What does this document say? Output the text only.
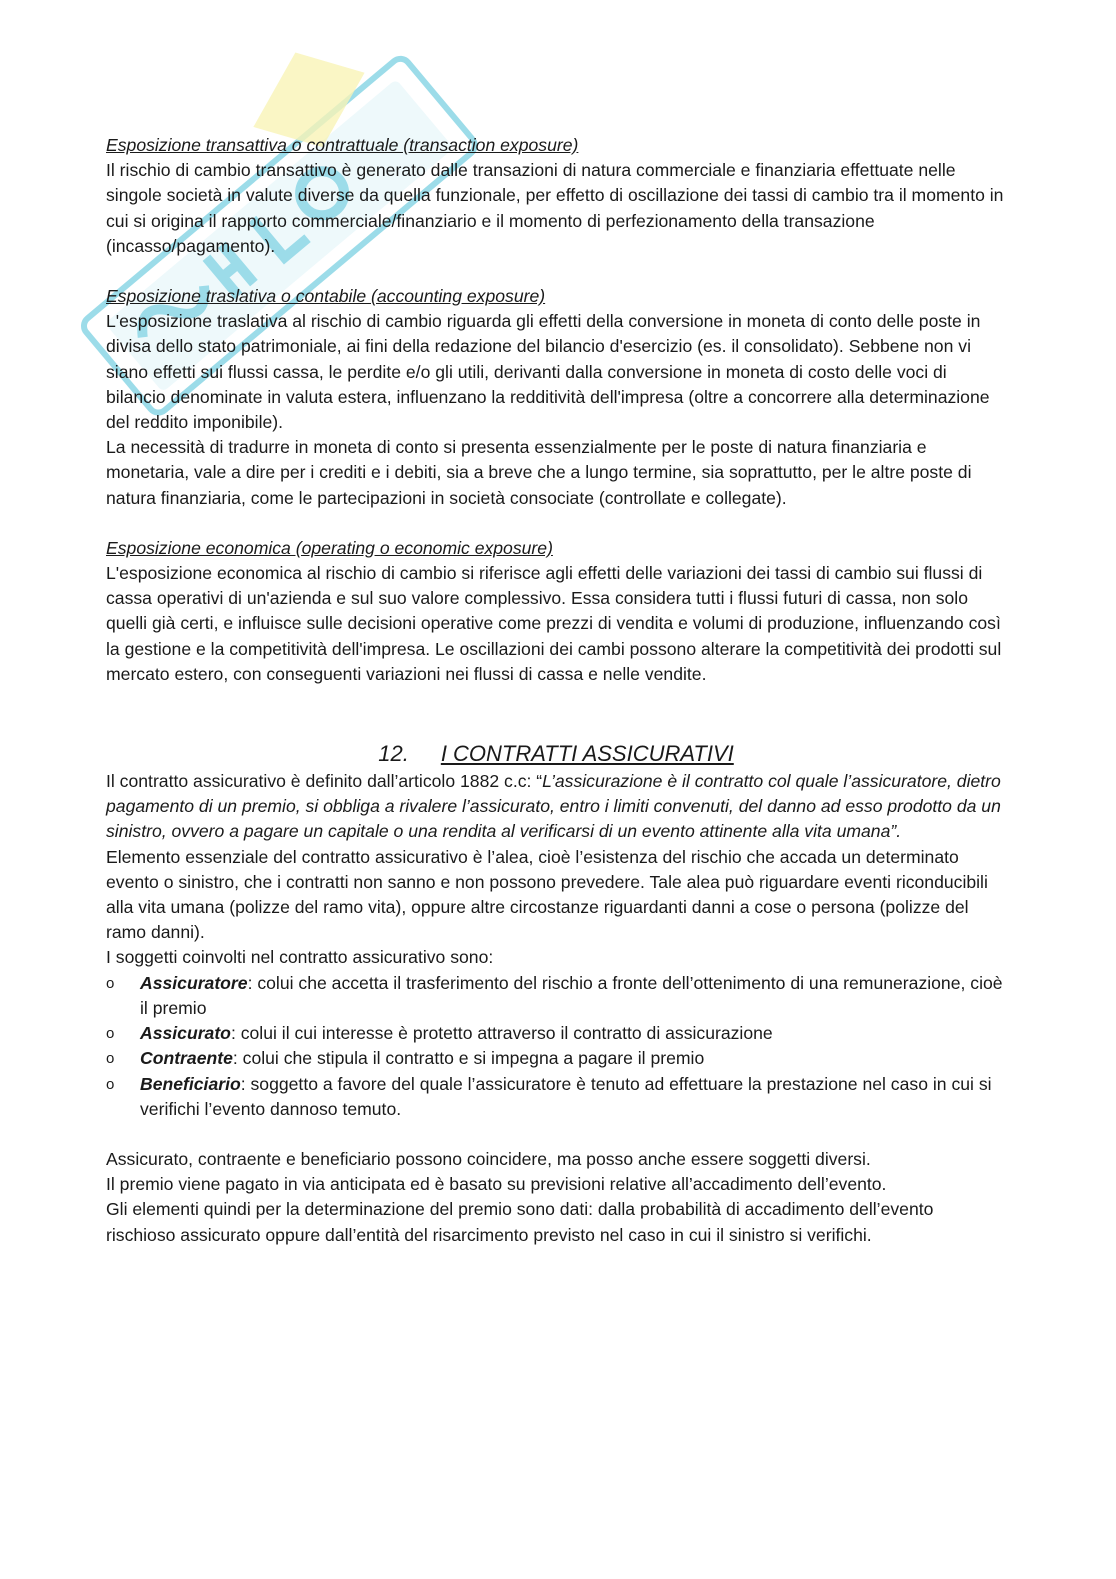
Esposizione transattiva o contrattuale (transaction exposure)

Il rischio di cambio transattivo è generato dalle transazioni di natura commerciale e finanziaria effettuate nelle singole società in valute diverse da quella funzionale, per effetto di oscillazione dei tassi di cambio tra il momento in cui si origina il rapporto commerciale/finanziario e il momento di perfezionamento della transazione (incasso/pagamento).

Esposizione traslativa o contabile (accounting exposure)

L'esposizione traslativa al rischio di cambio riguarda gli effetti della conversione in moneta di conto delle poste in divisa dello stato patrimoniale, ai fini della redazione del bilancio d'esercizio (es. il consolidato). Sebbene non vi siano effetti sui flussi cassa, le perdite e/o gli utili, derivanti dalla conversione in moneta di costo delle voci di bilancio denominate in valuta estera, influenzano la redditività dell'impresa (oltre a concorrere alla determinazione del reddito imponibile).

La necessità di tradurre in moneta di conto si presenta essenzialmente per le poste di natura finanziaria e monetaria, vale a dire per i crediti e i debiti, sia a breve che a lungo termine, sia soprattutto, per le altre poste di natura finanziaria, come le partecipazioni in società consociate (controllate e collegate).

Esposizione economica (operating o economic exposure)

L'esposizione economica al rischio di cambio si riferisce agli effetti delle variazioni dei tassi di cambio sui flussi di cassa operativi di un'azienda e sul suo valore complessivo. Essa considera tutti i flussi futuri di cassa, non solo quelli già certi, e influisce sulle decisioni operative come prezzi di vendita e volumi di produzione, influenzando così la gestione e la competitività dell'impresa. Le oscillazioni dei cambi possono alterare la competitività dei prodotti sul mercato estero, con conseguenti variazioni nei flussi di cassa e nelle vendite.

12. I CONTRATTI ASSICURATIVI

Il contratto assicurativo è definito dall’articolo 1882 c.c: “L’assicurazione è il contratto col quale l’assicuratore, dietro pagamento di un premio, si obbliga a rivalere l’assicurato, entro i limiti convenuti, del danno ad esso prodotto da un sinistro, ovvero a pagare un capitale o una rendita al verificarsi di un evento attinente alla vita umana”.

Elemento essenziale del contratto assicurativo è l’alea, cioè l’esistenza del rischio che accada un determinato evento o sinistro, che i contratti non sanno e non possono prevedere. Tale alea può riguardare eventi riconducibili alla vita umana (polizze del ramo vita), oppure altre circostanze riguardanti danni a cose o persona (polizze del ramo danni).

I soggetti coinvolti nel contratto assicurativo sono:

o Assicuratore: colui che accetta il trasferimento del rischio a fronte dell’ottenimento di una remunerazione, cioè il premio
o Assicurato: colui il cui interesse è protetto attraverso il contratto di assicurazione
o Contraente: colui che stipula il contratto e si impegna a pagare il premio
o Beneficiario: soggetto a favore del quale l’assicuratore è tenuto ad effettuare la prestazione nel caso in cui si verifichi l’evento dannoso temuto.

Assicurato, contraente e beneficiario possono coincidere, ma posso anche essere soggetti diversi.

Il premio viene pagato in via anticipata ed è basato su previsioni relative all’accadimento dell’evento.

Gli elementi quindi per la determinazione del premio sono dati: dalla probabilità di accadimento dell’evento rischioso assicurato oppure dall’entità del risarcimento previsto nel caso in cui il sinistro si verifichi.
